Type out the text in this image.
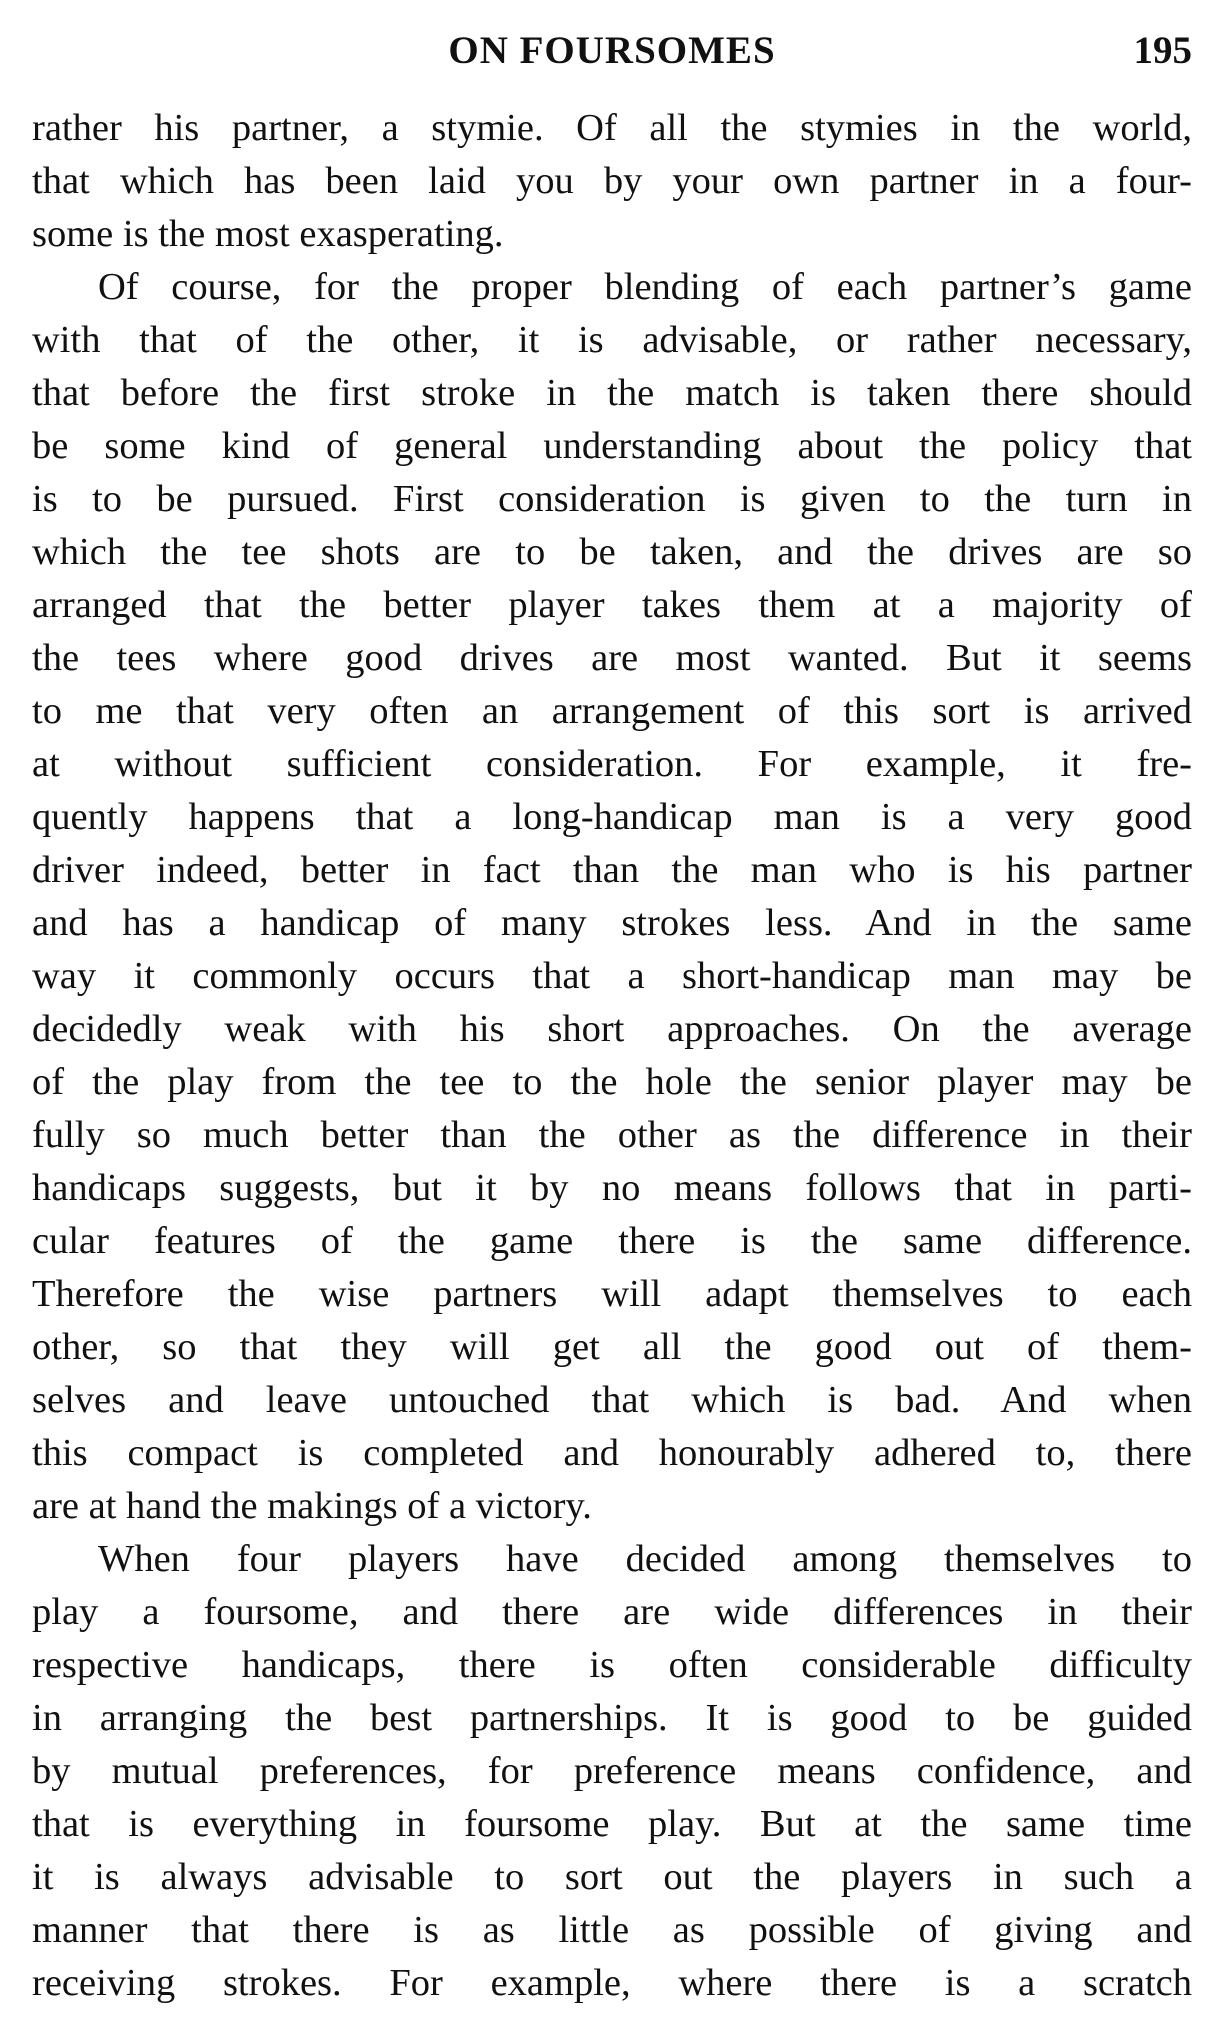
ON FOURSOMES	195
rather his partner, a stymie. Of all the stymies in the world,
that which has been laid you by your own partner in a four-
some is the most exasperating.
Of course, for the proper blending of each partner’s game
with that of the other, it is advisable, or rather necessary,
that before the first stroke in the match is taken there should
be some kind of general understanding about the policy that
is to be pursued. First consideration is given to the turn in
which the tee shots are to be taken, and the drives are so
arranged that the better player takes them at a majority of
the tees where good drives are most wanted. But it seems
to me that very often an arrangement of this sort is arrived
at without sufficient consideration. For example, it fre-
quently happens that a long-handicap man is a very good
driver indeed, better in fact than the man who is his partner
and has a handicap of many strokes less. And in the same
way it commonly occurs that a short-handicap man may be
decidedly weak with his short approaches. On the average
of the play from the tee to the hole the senior player may be
fully so much better than the other as the difference in their
handicaps suggests, but it by no means follows that in parti-
cular features of the game there is the same difference.
Therefore the wise partners will adapt themselves to each
other, so that they will get all the good out of them-
selves and leave untouched that which is bad. And when
this compact is completed and honourably adhered to, there
are at hand the makings of a victory.
When four players have decided among themselves to
play a foursome, and there are wide differences in their
respective handicaps, there is often considerable difficulty
in arranging the best partnerships. It is good to be guided
by mutual preferences, for preference means confidence, and
that is everything in foursome play. But at the same time
it is always advisable to sort out the players in such a
manner that there is as little as possible of giving and
receiving strokes. For example, where there is a scratch
